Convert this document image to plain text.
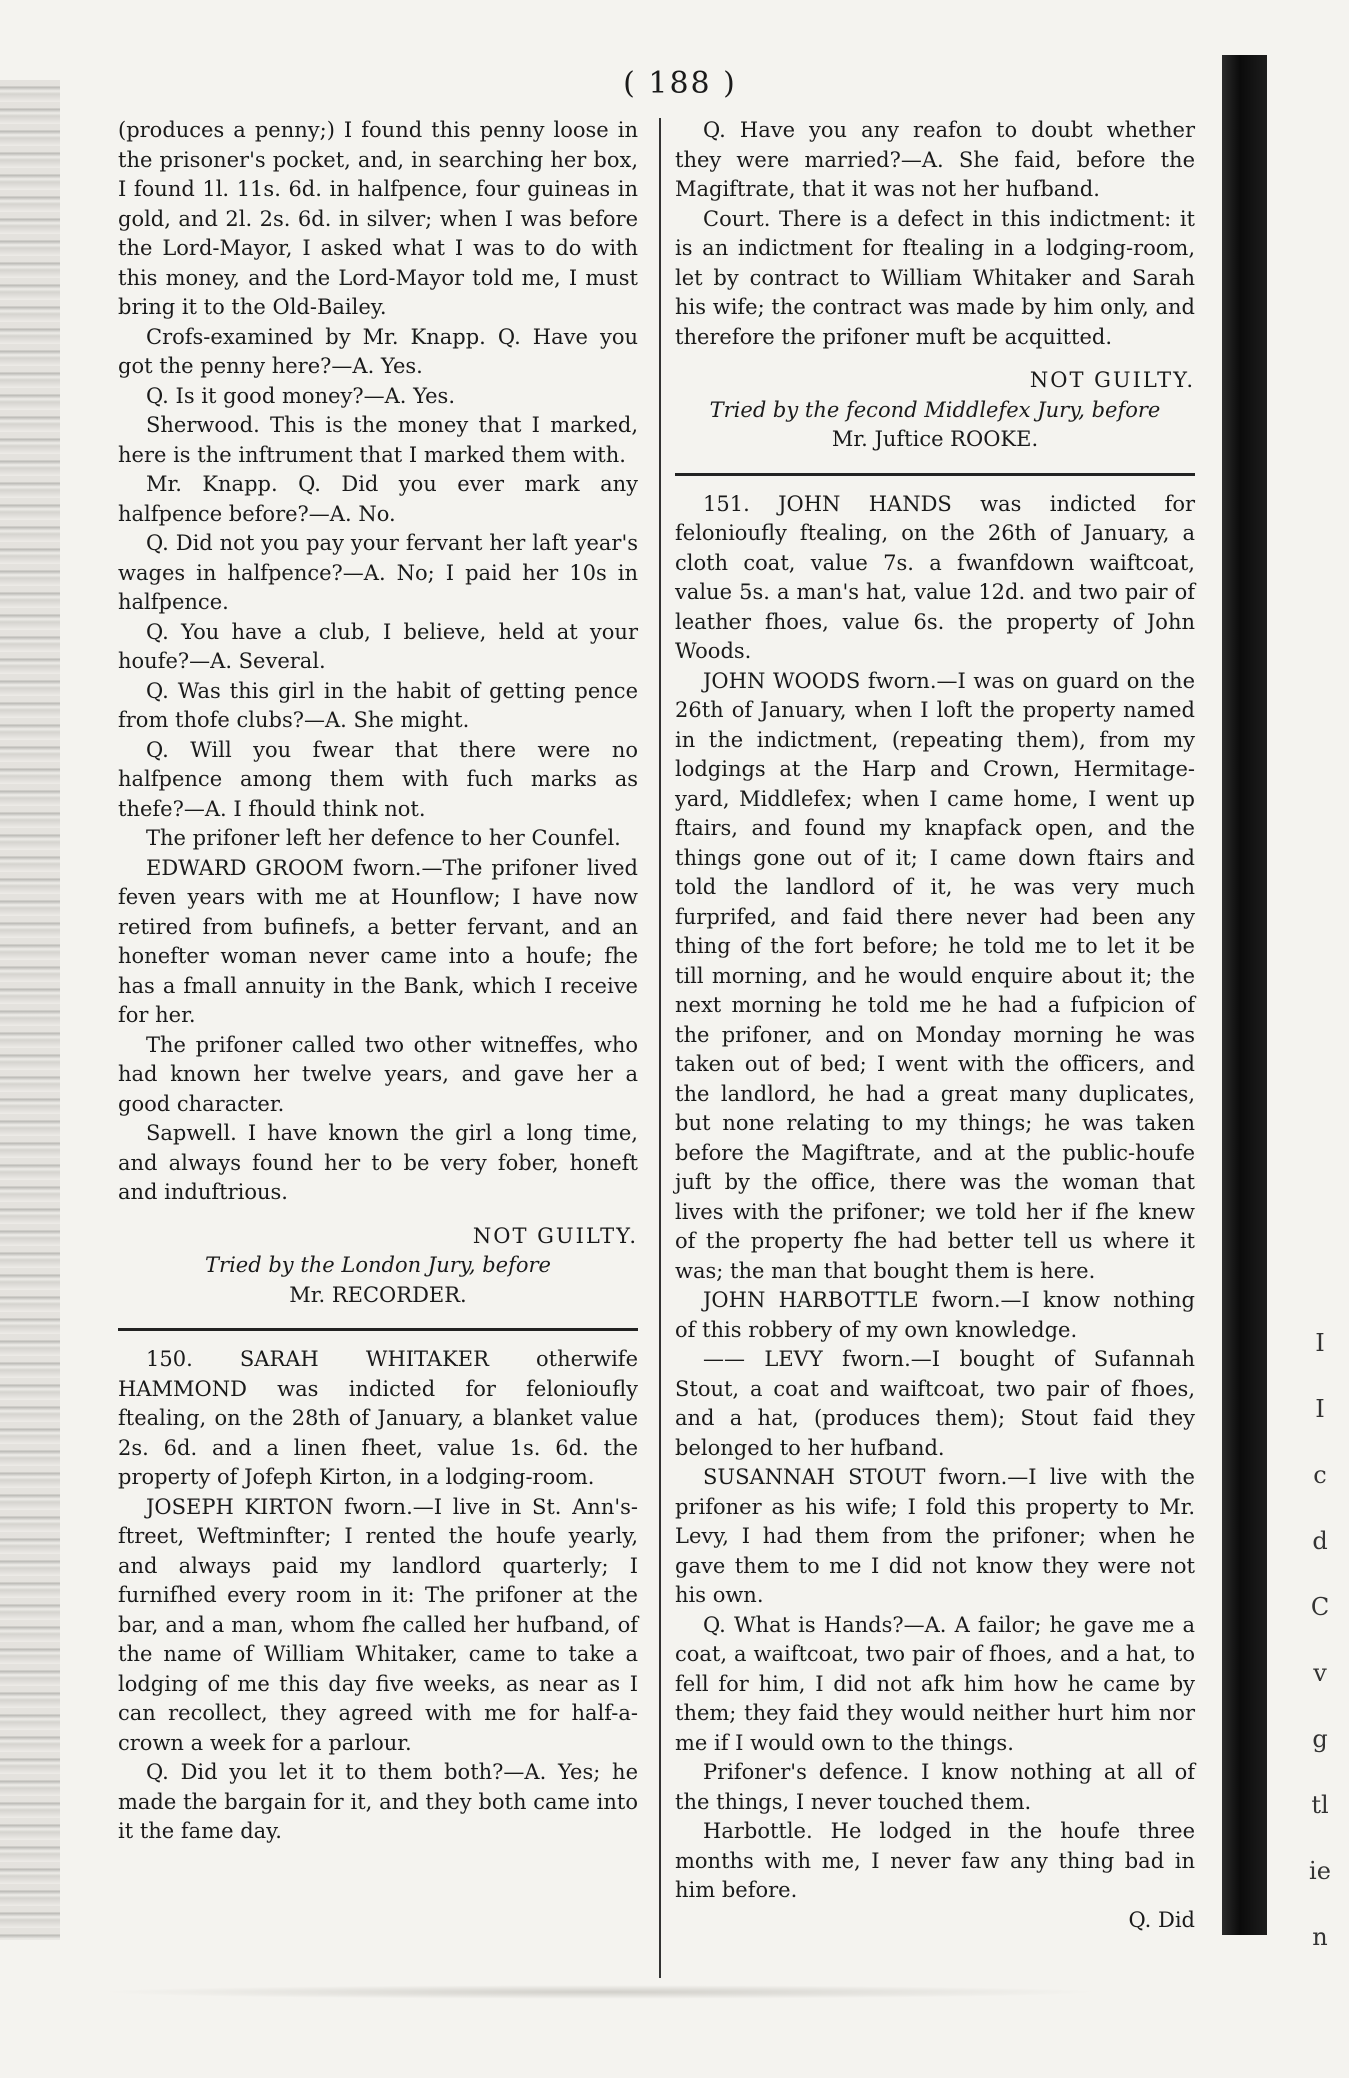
( 188 )

(produces a penny;) I found this penny loose in the prisoner's pocket, and, in searching her box, I found 1l. 11s. 6d. in halfpence, four guineas in gold, and 2l. 2s. 6d. in silver; when I was before the Lord-Mayor, I asked what I was to do with this money, and the Lord-Mayor told me, I must bring it to the Old-Bailey.

Crofs-examined by Mr. Knapp. Q. Have you got the penny here?—A. Yes.

Q. Is it good money?—A. Yes.

Sherwood. This is the money that I marked, here is the inftrument that I marked them with.

Mr. Knapp. Q. Did you ever mark any halfpence before?—A. No.

Q. Did not you pay your fervant her laft year's wages in halfpence?—A. No; I paid her 10s in halfpence.

Q. You have a club, I believe, held at your houfe?—A. Several.

Q. Was this girl in the habit of getting pence from thofe clubs?—A. She might.

Q. Will you fwear that there were no halfpence among them with fuch marks as thefe?—A. I fhould think not.

The prifoner left her defence to her Counfel.

EDWARD GROOM fworn.—The prifoner lived feven years with me at Hounflow; I have now retired from bufinefs, a better fervant, and an honefter woman never came into a houfe; fhe has a fmall annuity in the Bank, which I receive for her.

The prifoner called two other witneffes, who had known her twelve years, and gave her a good character.

Sapwell. I have known the girl a long time, and always found her to be very fober, honeft and induftrious.

NOT GUILTY.

Tried by the London Jury, before

Mr. RECORDER.

150. SARAH WHITAKER otherwife HAMMOND was indicted for felonioufly ftealing, on the 28th of January, a blanket value 2s. 6d. and a linen fheet, value 1s. 6d. the property of Jofeph Kirton, in a lodging-room.

JOSEPH KIRTON fworn.—I live in St. Ann's-ftreet, Weftminfter; I rented the houfe yearly, and always paid my landlord quarterly; I furnifhed every room in it: The prifoner at the bar, and a man, whom fhe called her hufband, of the name of William Whitaker, came to take a lodging of me this day five weeks, as near as I can recollect, they agreed with me for half-a-crown a week for a parlour.

Q. Did you let it to them both?—A. Yes; he made the bargain for it, and they both came into it the fame day.

Q. Have you any reafon to doubt whether they were married?—A. She faid, before the Magiftrate, that it was not her hufband.

Court. There is a defect in this indictment: it is an indictment for ftealing in a lodging-room, let by contract to William Whitaker and Sarah his wife; the contract was made by him only, and therefore the prifoner muft be acquitted.

NOT GUILTY.

Tried by the fecond Middlefex Jury, before

Mr. Juftice ROOKE.

151. JOHN HANDS was indicted for felonioufly ftealing, on the 26th of January, a cloth coat, value 7s. a fwanfdown waiftcoat, value 5s. a man's hat, value 12d. and two pair of leather fhoes, value 6s. the property of John Woods.

JOHN WOODS fworn.—I was on guard on the 26th of January, when I loft the property named in the indictment, (repeating them), from my lodgings at the Harp and Crown, Hermitage-yard, Middlefex; when I came home, I went up ftairs, and found my knapfack open, and the things gone out of it; I came down ftairs and told the landlord of it, he was very much furprifed, and faid there never had been any thing of the fort before; he told me to let it be till morning, and he would enquire about it; the next morning he told me he had a fufpicion of the prifoner, and on Monday morning he was taken out of bed; I went with the officers, and the landlord, he had a great many duplicates, but none relating to my things; he was taken before the Magiftrate, and at the public-houfe juft by the office, there was the woman that lives with the prifoner; we told her if fhe knew of the property fhe had better tell us where it was; the man that bought them is here.

JOHN HARBOTTLE fworn.—I know nothing of this robbery of my own knowledge.

—— LEVY fworn.—I bought of Sufannah Stout, a coat and waiftcoat, two pair of fhoes, and a hat, (produces them); Stout faid they belonged to her hufband.

SUSANNAH STOUT fworn.—I live with the prifoner as his wife; I fold this property to Mr. Levy, I had them from the prifoner; when he gave them to me I did not know they were not his own.

Q. What is Hands?—A. A failor; he gave me a coat, a waiftcoat, two pair of fhoes, and a hat, to fell for him, I did not afk him how he came by them; they faid they would neither hurt him nor me if I would own to the things.

Prifoner's defence. I know nothing at all of the things, I never touched them.

Harbottle. He lodged in the houfe three months with me, I never faw any thing bad in him before.

Q. Did

I
I
c
d
C
v
g
tl
ie
n
